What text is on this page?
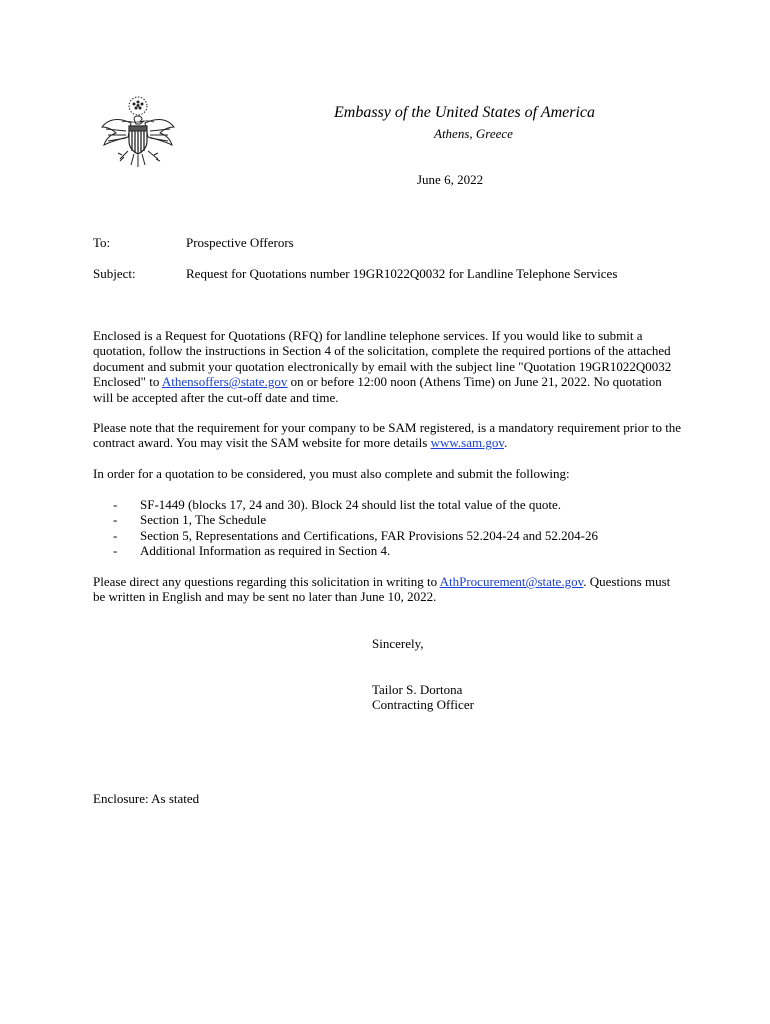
Embassy of the United States of America
Athens, Greece
June 6, 2022
To:	Prospective Offerors
Subject:	Request for Quotations number 19GR1022Q0032 for Landline Telephone Services

Enclosed is a Request for Quotations (RFQ) for landline telephone services. If you would like to submit a quotation, follow the instructions in Section 4 of the solicitation, complete the required portions of the attached document and submit your quotation electronically by email with the subject line "Quotation 19GR1022Q0032 Enclosed" to Athensoffers@state.gov on or before 12:00 noon (Athens Time) on June 21, 2022. No quotation will be accepted after the cut-off date and time.

Please note that the requirement for your company to be SAM registered, is a mandatory requirement prior to the contract award. You may visit the SAM website for more details www.sam.gov.

In order for a quotation to be considered, you must also complete and submit the following:

- SF-1449 (blocks 17, 24 and 30). Block 24 should list the total value of the quote.
- Section 1, The Schedule
- Section 5, Representations and Certifications, FAR Provisions 52.204-24 and 52.204-26
- Additional Information as required in Section 4.

Please direct any questions regarding this solicitation in writing to AthProcurement@state.gov. Questions must be written in English and may be sent no later than June 10, 2022.

Sincerely,
Tailor S. Dortona
Contracting Officer
Enclosure: As stated
